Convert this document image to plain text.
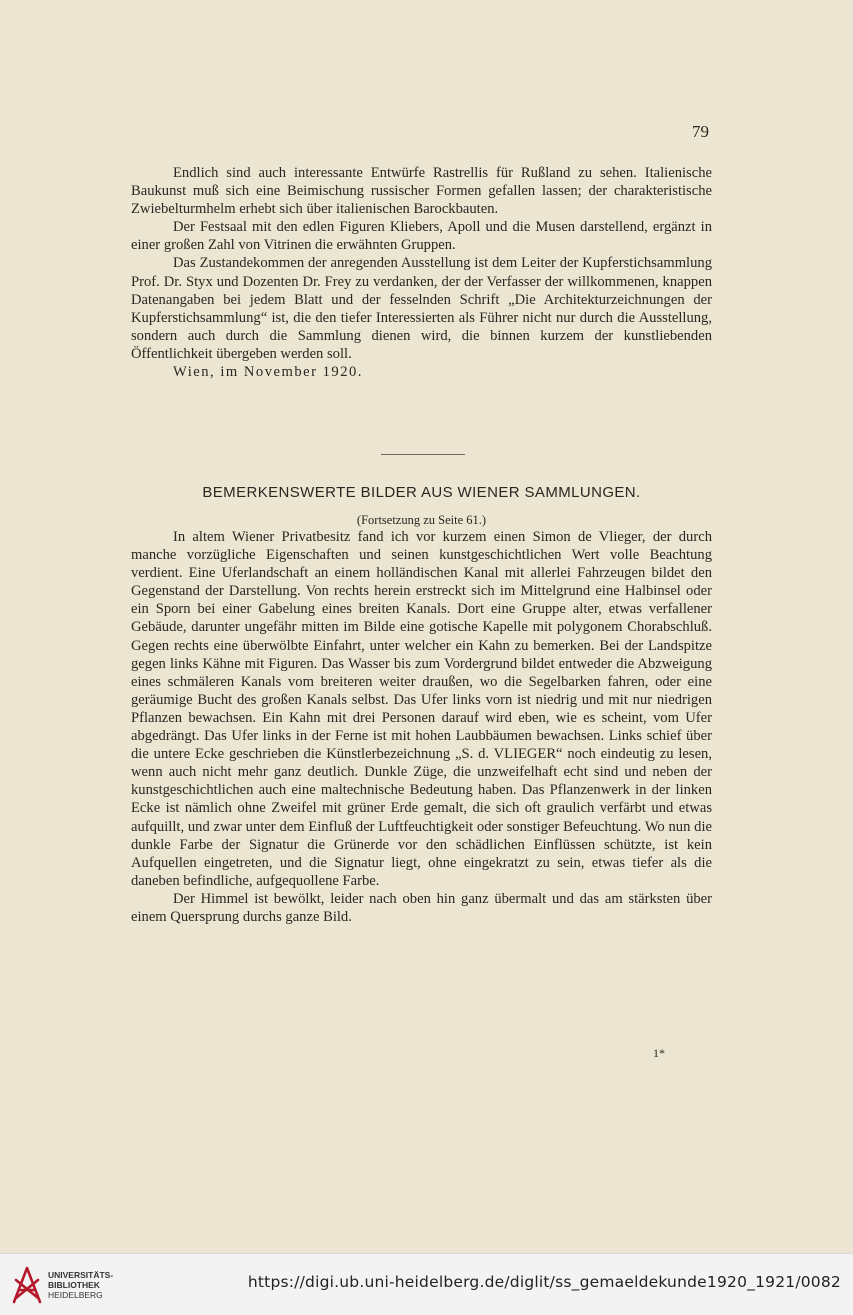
79

Endlich sind auch interessante Entwürfe Rastrellis für Rußland zu sehen. Italienische Baukunst muß sich eine Beimischung russischer Formen gefallen lassen; der charakteristische Zwiebelturmhelm erhebt sich über italienischen Barockbauten.

Der Festsaal mit den edlen Figuren Kliebers, Apoll und die Musen darstellend, ergänzt in einer großen Zahl von Vitrinen die erwähnten Gruppen.

Das Zustandekommen der anregenden Ausstellung ist dem Leiter der Kupferstichsammlung Prof. Dr. Styx und Dozenten Dr. Frey zu verdanken, der der Verfasser der willkommenen, knappen Datenangaben bei jedem Blatt und der fesselnden Schrift „Die Architekturzeichnungen der Kupferstichsammlung“ ist, die den tiefer Interessierten als Führer nicht nur durch die Ausstellung, sondern auch durch die Sammlung dienen wird, die binnen kurzem der kunstliebenden Öffentlichkeit übergeben werden soll.

Wien, im November 1920.

BEMERKENSWERTE BILDER AUS WIENER SAMMLUNGEN.
(Fortsetzung zu Seite 61.)

In altem Wiener Privatbesitz fand ich vor kurzem einen Simon de Vlieger, der durch manche vorzügliche Eigenschaften und seinen kunstgeschichtlichen Wert volle Beachtung verdient. Eine Uferlandschaft an einem holländischen Kanal mit allerlei Fahrzeugen bildet den Gegenstand der Darstellung. Von rechts herein erstreckt sich im Mittelgrund eine Halbinsel oder ein Sporn bei einer Gabelung eines breiten Kanals. Dort eine Gruppe alter, etwas verfallener Gebäude, darunter ungefähr mitten im Bilde eine gotische Kapelle mit polygonem Chorabschluß. Gegen rechts eine überwölbte Einfahrt, unter welcher ein Kahn zu bemerken. Bei der Landspitze gegen links Kähne mit Figuren. Das Wasser bis zum Vordergrund bildet entweder die Abzweigung eines schmäleren Kanals vom breiteren weiter draußen, wo die Segelbarken fahren, oder eine geräumige Bucht des großen Kanals selbst. Das Ufer links vorn ist niedrig und mit nur niedrigen Pflanzen bewachsen. Ein Kahn mit drei Personen darauf wird eben, wie es scheint, vom Ufer abgedrängt. Das Ufer links in der Ferne ist mit hohen Laubbäumen bewachsen. Links schief über die untere Ecke geschrieben die Künstlerbezeichnung „S. d. VLIEGER“ noch eindeutig zu lesen, wenn auch nicht mehr ganz deutlich. Dunkle Züge, die unzweifelhaft echt sind und neben der kunstgeschichtlichen auch eine maltechnische Bedeutung haben. Das Pflanzenwerk in der linken Ecke ist nämlich ohne Zweifel mit grüner Erde gemalt, die sich oft graulich verfärbt und etwas aufquillt, und zwar unter dem Einfluß der Luftfeuchtigkeit oder sonstiger Befeuchtung. Wo nun die dunkle Farbe der Signatur die Grünerde vor den schädlichen Einflüssen schützte, ist kein Aufquellen eingetreten, und die Signatur liegt, ohne eingekratzt zu sein, etwas tiefer als die daneben befindliche, aufgequollene Farbe.

Der Himmel ist bewölkt, leider nach oben hin ganz übermalt und das am stärksten über einem Quersprung durchs ganze Bild.

1*
UNIVERSITÄTS-
BIBLIOTHEK
HEIDELBERG
https://digi.ub.uni-heidelberg.de/diglit/ss_gemaeldekunde1920_1921/0082
